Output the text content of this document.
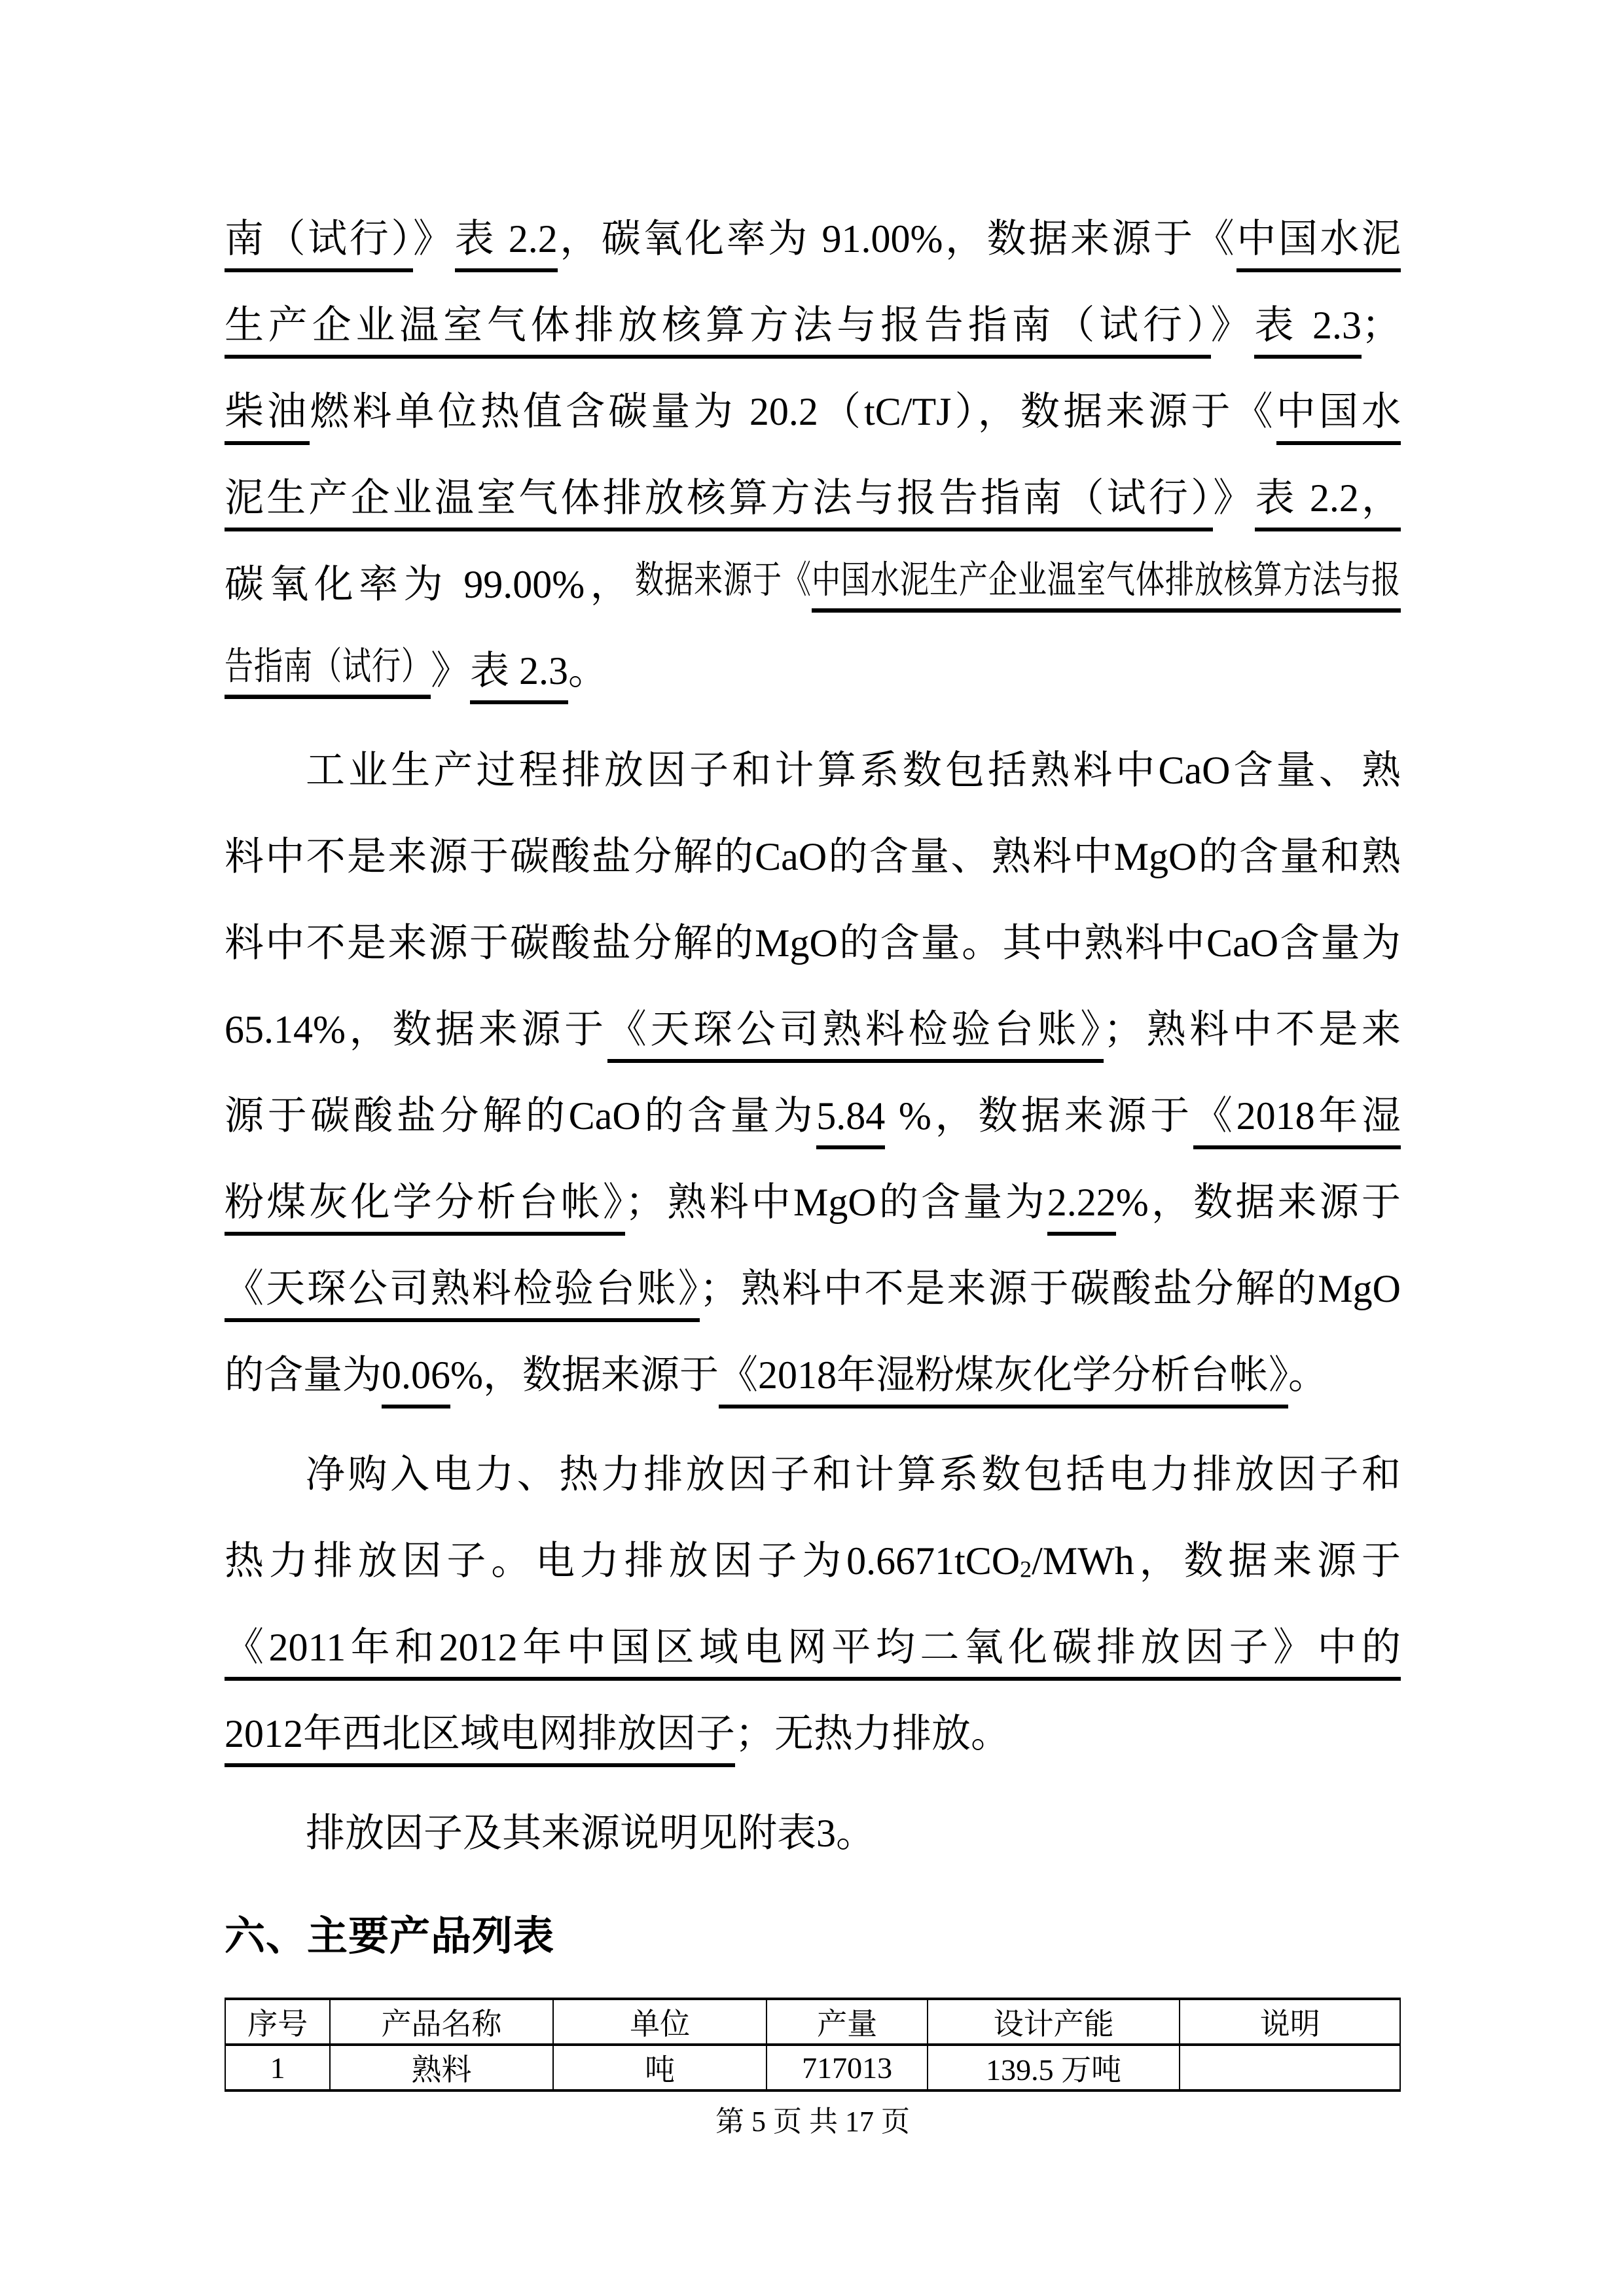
南（试行）》表 2.2，碳氧化率为 91.00%，数据来源于《中国水泥
生产企业温室气体排放核算方法与报告指南（试行）》表 2.3；
柴油燃料单位热值含碳量为 20.2（tC/TJ），数据来源于《中国水
泥生产企业温室气体排放核算方法与报告指南（试行）》表 2.2，
碳氧化率为 99.00%，数据来源于《中国水泥生产企业温室气体排放核算方法与报
告指南（试行）》表 2.3。
工业生产过程排放因子和计算系数包括熟料中CaO含量、熟
料中不是来源于碳酸盐分解的CaO的含量、熟料中MgO的含量和熟
料中不是来源于碳酸盐分解的MgO的含量。其中熟料中CaO含量为
65.14%，数据来源于《天琛公司熟料检验台账》；熟料中不是来
源于碳酸盐分解的CaO的含量为5.84 %，数据来源于《2018年湿
粉煤灰化学分析台帐》；熟料中MgO的含量为2.22%，数据来源于
《天琛公司熟料检验台账》；熟料中不是来源于碳酸盐分解的MgO
的含量为0.06%，数据来源于《2018年湿粉煤灰化学分析台帐》。
净购入电力、热力排放因子和计算系数包括电力排放因子和
热力排放因子。电力排放因子为0.6671tCO2/MWh，数据来源于
《2011年和2012年中国区域电网平均二氧化碳排放因子》中的
2012年西北区域电网排放因子；无热力排放。
排放因子及其来源说明见附表3。
六、主要产品列表
序号	产品名称	单位	产量	设计产能	说明
1	熟料	吨	717013	139.5 万吨	
第 5 页 共 17 页
